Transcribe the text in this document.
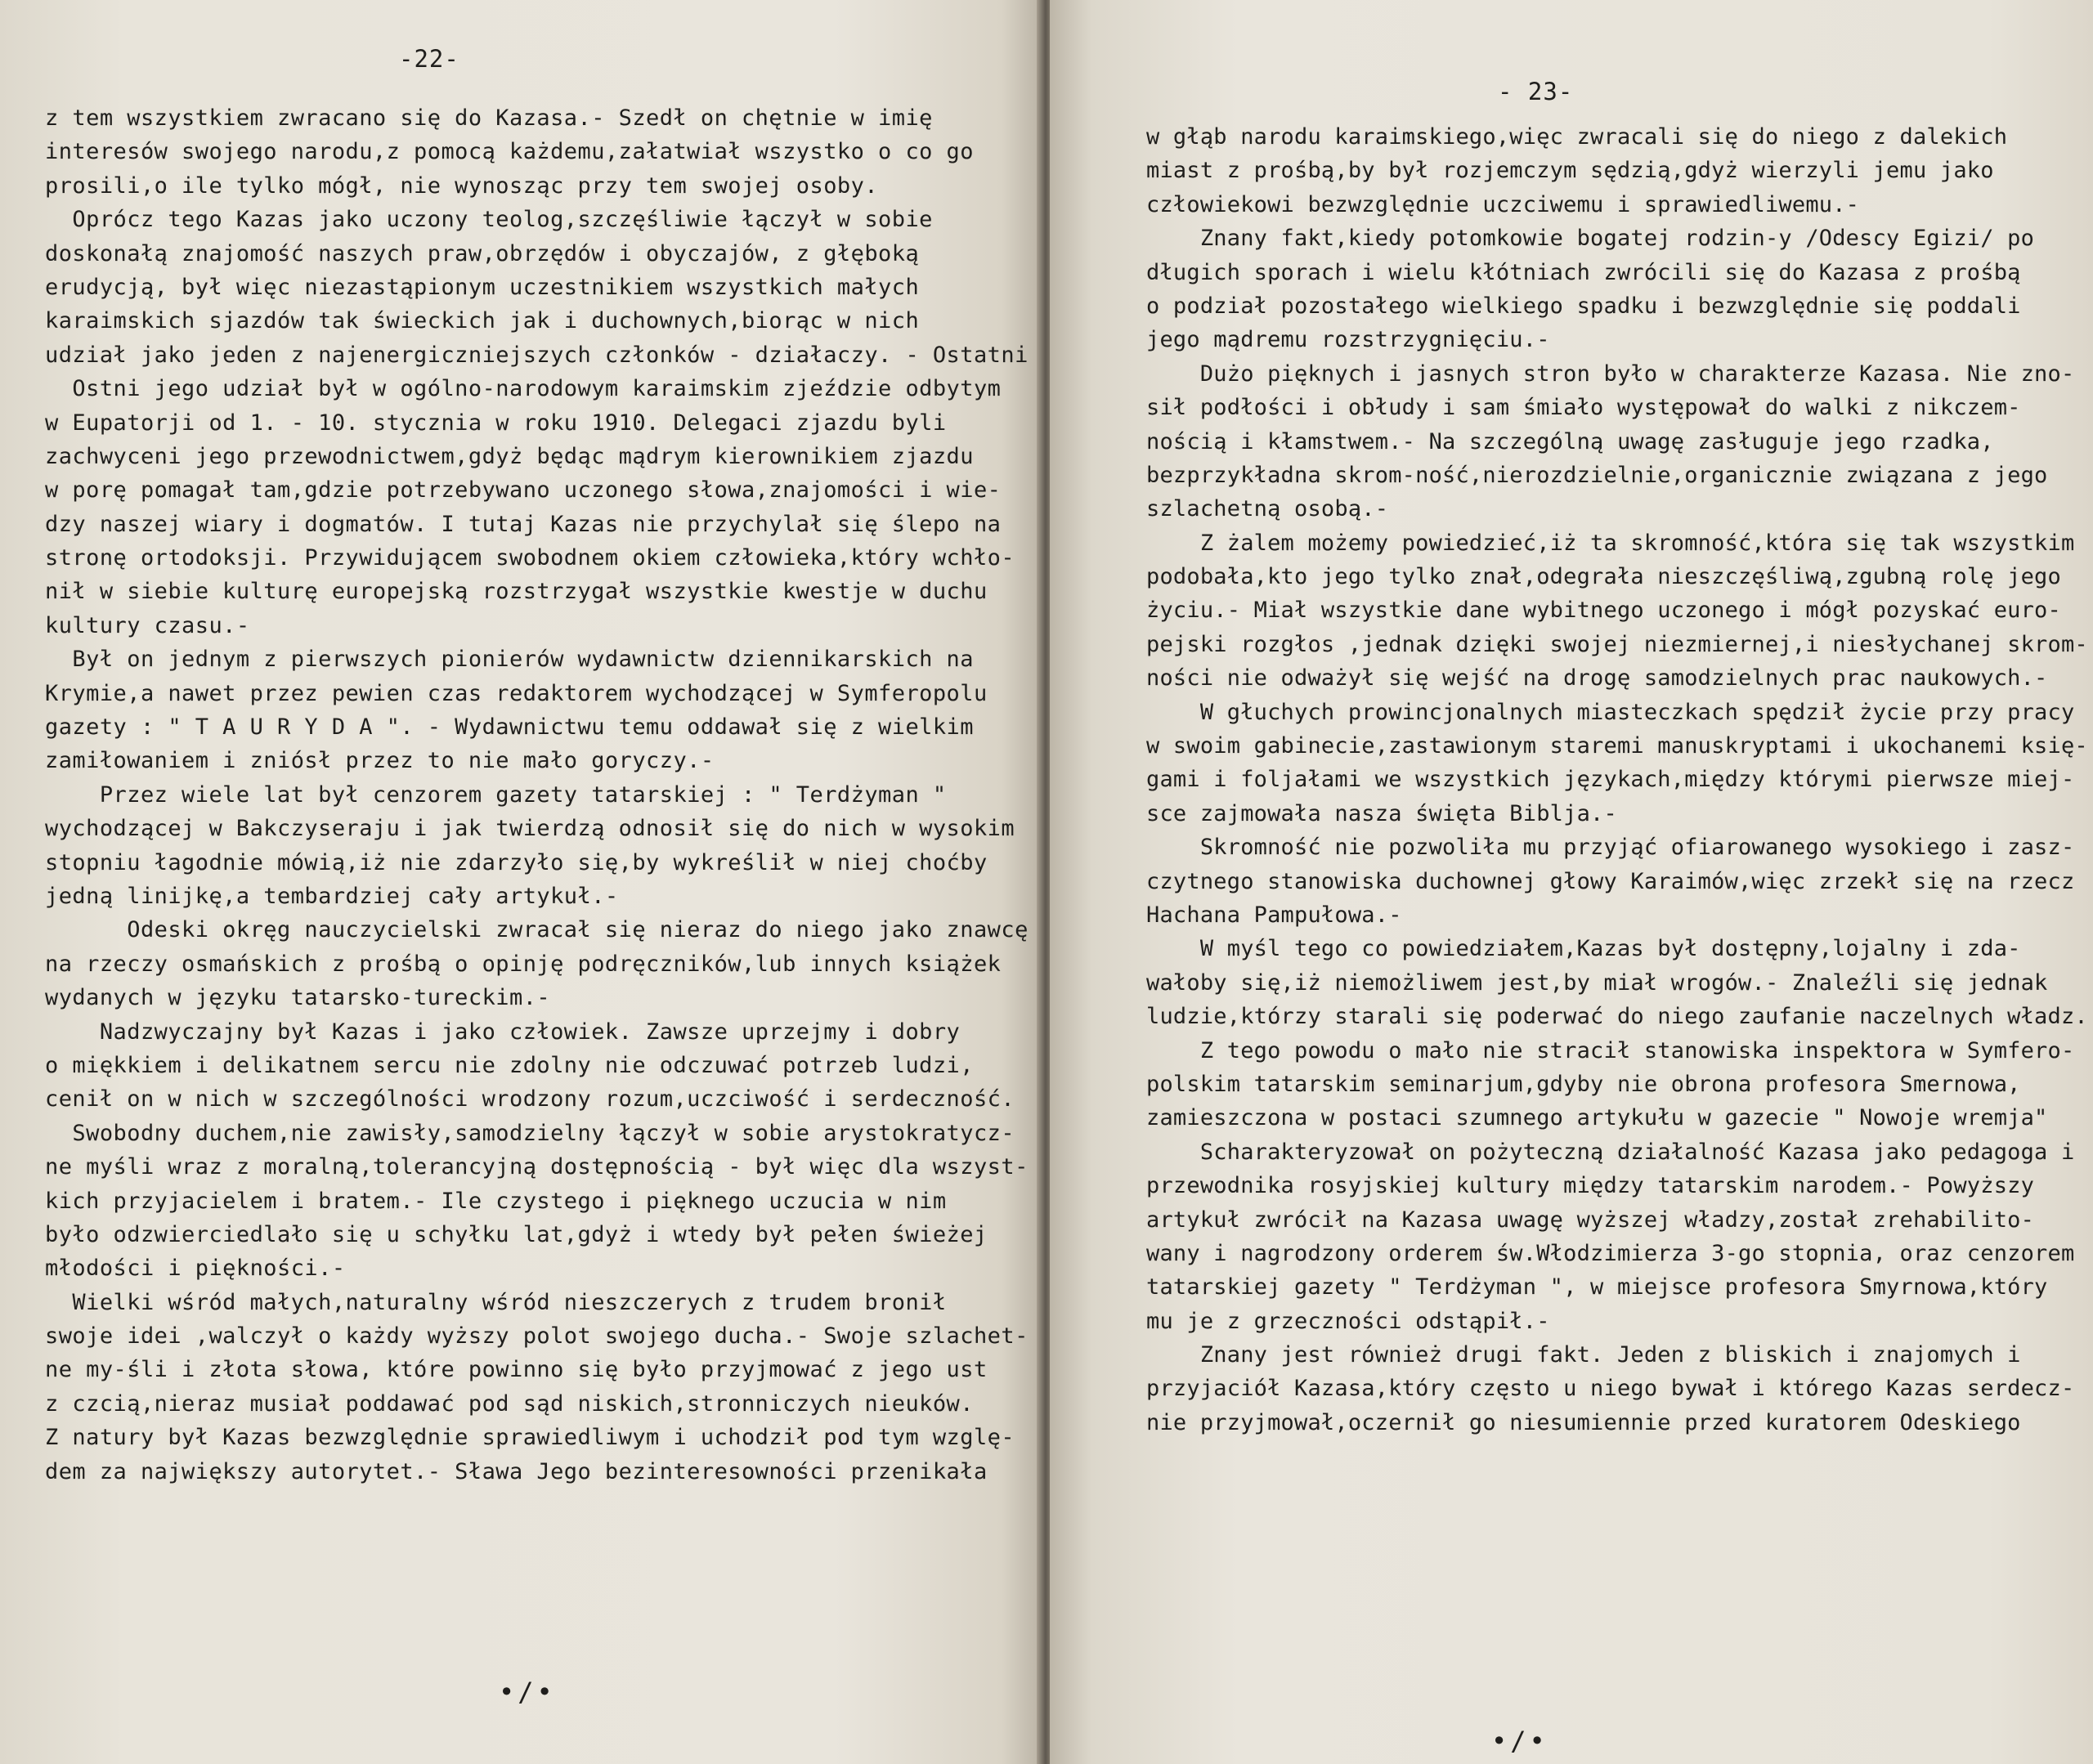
-22-
z tem wszystkiem zwracano się do Kazasa.- Szedł on chętnie w imię
interesów swojego narodu,z pomocą każdemu,załatwiał wszystko o co go
prosili,o ile tylko mógł, nie wynosząc przy tem swojej osoby.
Oprócz tego Kazas jako uczony teolog,szczęśliwie łączył w sobie
doskonałą znajomość naszych praw,obrzędów i obyczajów, z głęboką
erudycją, był więc niezastąpionym uczestnikiem wszystkich małych
karaimskich sjazdów tak świeckich jak i duchownych,biorąc w nich
udział jako jeden z najenergiczniejszych członków - działaczy. - Ostatni
Ostni jego udział był w ogólno-narodowym karaimskim zjeździe odbytym
w Eupatorji od 1. - 10. stycznia w roku 1910. Delegaci zjazdu byli
zachwyceni jego przewodnictwem,gdyż będąc mądrym kierownikiem zjazdu
w porę pomagał tam,gdzie potrzebywano uczonego słowa,znajomości i wie-
dzy naszej wiary i dogmatów. I tutaj Kazas nie przychylał się ślepo na
stronę ortodoksji. Przywidującem swobodnem okiem człowieka,który wchło-
nił w siebie kulturę europejską rozstrzygał wszystkie kwestje w duchu
kultury czasu.-
Był on jednym z pierwszych pionierów wydawnictw dziennikarskich na
Krymie,a nawet przez pewien czas redaktorem wychodzącej w Symferopolu
gazety : " T A U R Y D A ". - Wydawnictwu temu oddawał się z wielkim
zamiłowaniem i zniósł przez to nie mało goryczy.-
Przez wiele lat był cenzorem gazety tatarskiej : " Terdżyman "
wychodzącej w Bakczyseraju i jak twierdzą odnosił się do nich w wysokim
stopniu łagodnie mówią,iż nie zdarzyło się,by wykreślił w niej choćby
jedną linijkę,a tembardziej cały artykuł.-
Odeski okręg nauczycielski zwracał się nieraz do niego jako znawcę
na rzeczy osmańskich z prośbą o opinję podręczników,lub innych książek
wydanych w języku tatarsko-tureckim.-
Nadzwyczajny był Kazas i jako człowiek. Zawsze uprzejmy i dobry
o miękkiem i delikatnem sercu nie zdolny nie odczuwać potrzeb ludzi,
cenił on w nich w szczególności wrodzony rozum,uczciwość i serdeczność.
Swobodny duchem,nie zawisły,samodzielny łączył w sobie arystokratycz-
ne myśli wraz z moralną,tolerancyjną dostępnością - był więc dla wszyst-
kich przyjacielem i bratem.- Ile czystego i pięknego uczucia w nim
było odzwierciedlało się u schyłku lat,gdyż i wtedy był pełen świeżej
młodości i piękności.-
Wielki wśród małych,naturalny wśród nieszczerych z trudem bronił
swoje idei ,walczył o każdy wyższy polot swojego ducha.- Swoje szlachet-
ne my-śli i złota słowa, które powinno się było przyjmować z jego ust
z czcią,nieraz musiał poddawać pod sąd niskich,stronniczych nieuków.
Z natury był Kazas bezwzględnie sprawiedliwym i uchodził pod tym wzglę-
dem za największy autorytet.- Sława Jego bezinteresowności przenikała
•/•
- 23-
w głąb narodu karaimskiego,więc zwracali się do niego z dalekich
miast z prośbą,by był rozjemczym sędzią,gdyż wierzyli jemu jako
człowiekowi bezwzględnie uczciwemu i sprawiedliwemu.-
Znany fakt,kiedy potomkowie bogatej rodzin-y /Odescy Egizi/ po
długich sporach i wielu kłótniach zwrócili się do Kazasa z prośbą
o podział pozostałego wielkiego spadku i bezwzględnie się poddali
jego mądremu rozstrzygnięciu.-
Dużo pięknych i jasnych stron było w charakterze Kazasa. Nie zno-
sił podłości i obłudy i sam śmiało występował do walki z nikczem-
nością i kłamstwem.- Na szczególną uwagę zasługuje jego rzadka,
bezprzykładna skrom-ność,nierozdzielnie,organicznie związana z jego
szlachetną osobą.-
Z żalem możemy powiedzieć,iż ta skromność,która się tak wszystkim
podobała,kto jego tylko znał,odegrała nieszczęśliwą,zgubną rolę jego
życiu.- Miał wszystkie dane wybitnego uczonego i mógł pozyskać euro-
pejski rozgłos ,jednak dzięki swojej niezmiernej,i niesłychanej skrom-
ności nie odważył się wejść na drogę samodzielnych prac naukowych.-
W głuchych prowincjonalnych miasteczkach spędził życie przy pracy
w swoim gabinecie,zastawionym staremi manuskryptami i ukochanemi księ-
gami i foljałami we wszystkich językach,między którymi pierwsze miej-
sce zajmowała nasza święta Biblja.-
Skromność nie pozwoliła mu przyjąć ofiarowanego wysokiego i zasz-
czytnego stanowiska duchownej głowy Karaimów,więc zrzekł się na rzecz
Hachana Pampułowa.-
W myśl tego co powiedziałem,Kazas był dostępny,lojalny i zda-
wałoby się,iż niemożliwem jest,by miał wrogów.- Znaleźli się jednak
ludzie,którzy starali się poderwać do niego zaufanie naczelnych władz.
Z tego powodu o mało nie stracił stanowiska inspektora w Symfero-
polskim tatarskim seminarjum,gdyby nie obrona profesora Smernowa,
zamieszczona w postaci szumnego artykułu w gazecie " Nowoje wremja"
Scharakteryzował on pożyteczną działalność Kazasa jako pedagoga i
przewodnika rosyjskiej kultury między tatarskim narodem.- Powyższy
artykuł zwrócił na Kazasa uwagę wyższej władzy,został zrehabilito-
wany i nagrodzony orderem św.Włodzimierza 3-go stopnia, oraz cenzorem
tatarskiej gazety " Terdżyman ", w miejsce profesora Smyrnowa,który
mu je z grzeczności odstąpił.-
Znany jest również drugi fakt. Jeden z bliskich i znajomych i
przyjaciół Kazasa,który często u niego bywał i którego Kazas serdecz-
nie przyjmował,oczernił go niesumiennie przed kuratorem Odeskiego
•/•
